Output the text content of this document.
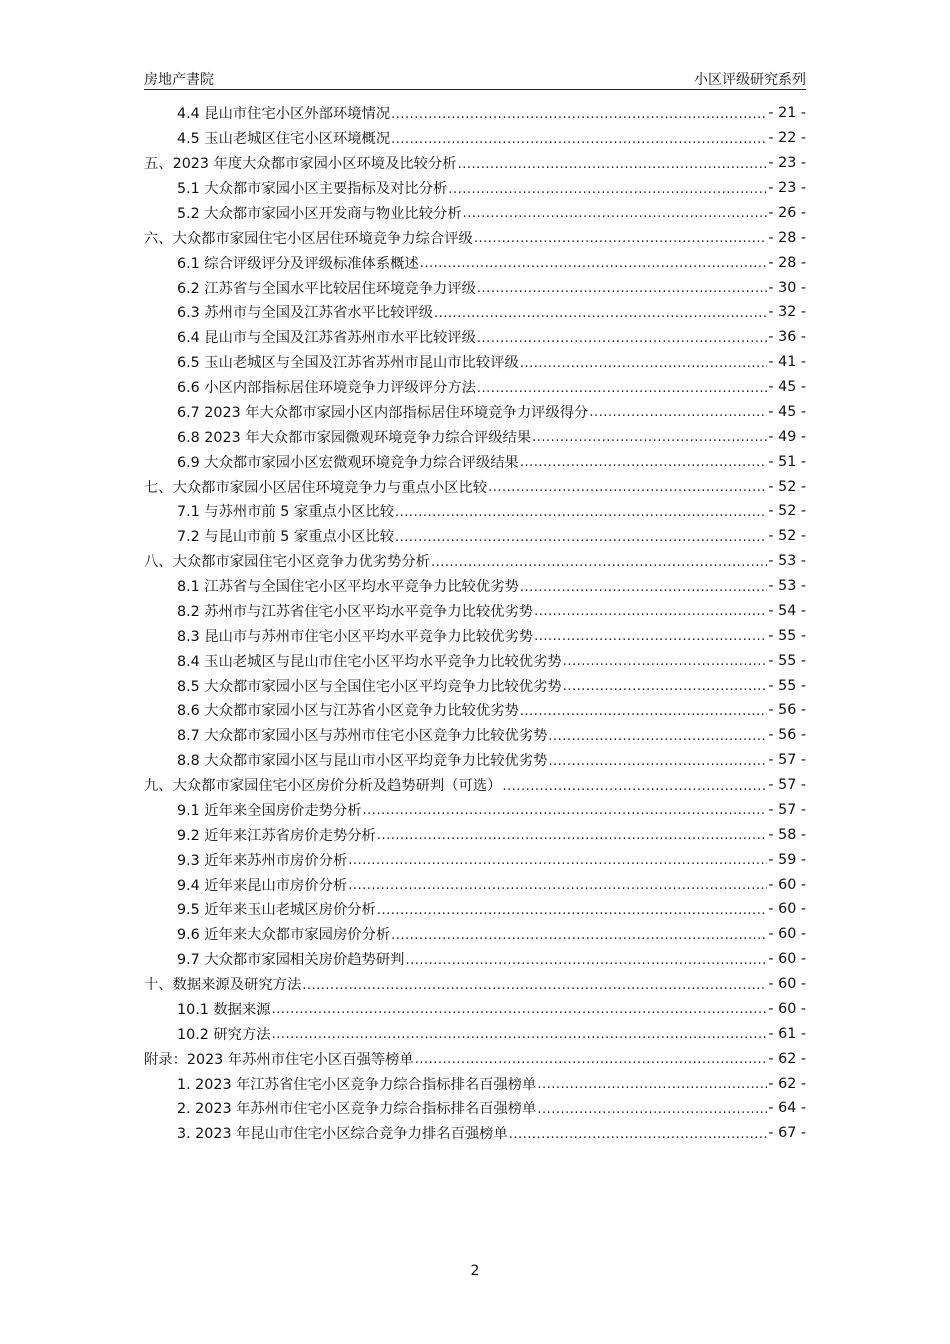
房地产書院	小区评级研究系列
4.4 昆山市住宅小区外部环境情况 .....	- 21 -
4.5 玉山老城区住宅小区环境概况 .....	- 22 -
五、2023 年度大众都市家园小区环境及比较分析 .....	- 23 -
5.1 大众都市家园小区主要指标及对比分析 .....	- 23 -
5.2 大众都市家园小区开发商与物业比较分析 .....	- 26 -
六、大众都市家园住宅小区居住环境竞争力综合评级 .....	- 28 -
6.1 综合评级评分及评级标准体系概述 .....	- 28 -
6.2 江苏省与全国水平比较居住环境竞争力评级 .....	- 30 -
6.3 苏州市与全国及江苏省水平比较评级 .....	- 32 -
6.4 昆山市与全国及江苏省苏州市水平比较评级 .....	- 36 -
6.5 玉山老城区与全国及江苏省苏州市昆山市比较评级 .....	- 41 -
6.6 小区内部指标居住环境竞争力评级评分方法 .....	- 45 -
6.7 2023 年大众都市家园小区内部指标居住环境竞争力评级得分 .....	- 45 -
6.8 2023 年大众都市家园微观环境竞争力综合评级结果 .....	- 49 -
6.9 大众都市家园小区宏微观环境竞争力综合评级结果 .....	- 51 -
七、大众都市家园小区居住环境竞争力与重点小区比较 .....	- 52 -
7.1 与苏州市前 5 家重点小区比较 .....	- 52 -
7.2 与昆山市前 5 家重点小区比较 .....	- 52 -
八、大众都市家园住宅小区竞争力优劣势分析 .....	- 53 -
8.1 江苏省与全国住宅小区平均水平竞争力比较优劣势 .....	- 53 -
8.2 苏州市与江苏省住宅小区平均水平竞争力比较优劣势 .....	- 54 -
8.3 昆山市与苏州市住宅小区平均水平竞争力比较优劣势 .....	- 55 -
8.4 玉山老城区与昆山市住宅小区平均水平竞争力比较优劣势 .....	- 55 -
8.5 大众都市家园小区与全国住宅小区平均竞争力比较优劣势 .....	- 55 -
8.6 大众都市家园小区与江苏省小区竞争力比较优劣势 .....	- 56 -
8.7 大众都市家园小区与苏州市住宅小区竞争力比较优劣势 .....	- 56 -
8.8 大众都市家园小区与昆山市小区平均竞争力比较优劣势 .....	- 57 -
九、大众都市家园住宅小区房价分析及趋势研判（可选） .....	- 57 -
9.1 近年来全国房价走势分析 .....	- 57 -
9.2 近年来江苏省房价走势分析 .....	- 58 -
9.3 近年来苏州市房价分析 .....	- 59 -
9.4 近年来昆山市房价分析 .....	- 60 -
9.5 近年来玉山老城区房价分析 .....	- 60 -
9.6 近年来大众都市家园房价分析 .....	- 60 -
9.7 大众都市家园相关房价趋势研判 .....	- 60 -
十、数据来源及研究方法 .....	- 60 -
10.1 数据来源 .....	- 60 -
10.2 研究方法 .....	- 61 -
附录：2023 年苏州市住宅小区百强等榜单 .....	- 62 -
1. 2023 年江苏省住宅小区竞争力综合指标排名百强榜单 .....	- 62 -
2. 2023 年苏州市住宅小区竞争力综合指标排名百强榜单 .....	- 64 -
3. 2023 年昆山市住宅小区综合竞争力排名百强榜单 .....	- 67 -
2
